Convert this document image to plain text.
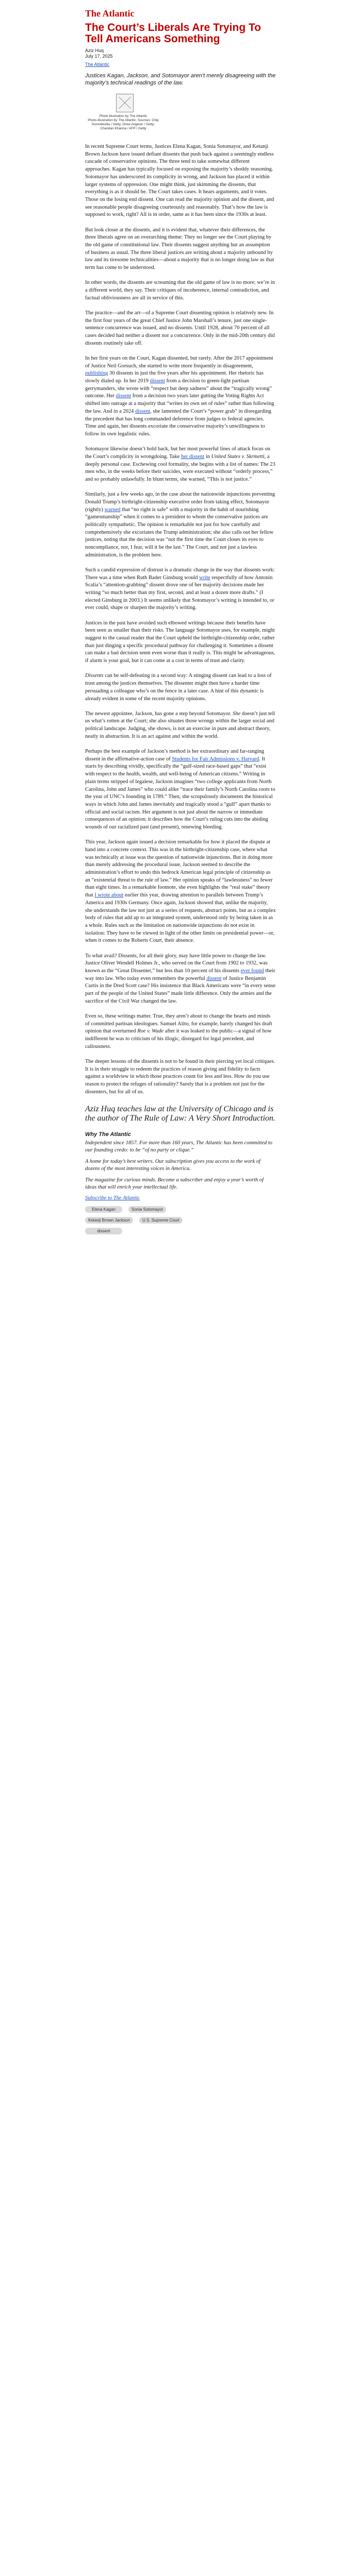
The Atlantic
The Court’s Liberals Are Trying To Tell Americans Something

Aziz Huq

July 17, 2025

The Atlantic

Justices Kagan, Jackson, and Sotomayor aren’t merely disagreeing with the majority’s technical readings of the law.

Photo illustration by The Atlantic
Photo-Illustration by The Atlantic. Sources: Chip Somodevilla / Getty; Drew Angerer / Getty; Chandan Khanna / AFP / Getty

In recent Supreme Court terms, Justices Elena Kagan, Sonia Sotomayor, and Ketanji Brown Jackson have issued defiant dissents that push back against a seemingly endless cascade of conservative opinions. The three tend to take somewhat different approaches. Kagan has typically focused on exposing the majority’s shoddy reasoning. Sotomayor has underscored its complicity in wrong, and Jackson has placed it within larger systems of oppression. One might think, just skimming the dissents, that everything is as it should be. The Court takes cases. It hears arguments, and it votes. Those on the losing end dissent. One can read the majority opinion and the dissent, and see reasonable people disagreeing courteously and reasonably. That’s how the law is supposed to work, right? All is in order, same as it has been since the 1930s at least.

But look closer at the dissents, and it is evident that, whatever their differences, the three liberals agree on an overarching theme: They no longer see the Court playing by the old game of constitutional law. Their dissents suggest anything but an assumption of business as usual. The three liberal justices are writing about a majority unbound by law and its tiresome technicalities—about a majority that is no longer doing law as that term has come to be understood.

In other words, the dissents are screaming that the old game of law is no more; we’re in a different world, they say. Their critiques of incoherence, internal contradiction, and factual obliviousness are all in service of this.

The practice—and the art—of a Supreme Court dissenting opinion is relatively new. In the first four years of the great Chief Justice John Marshall’s tenure, just one single-sentence concurrence was issued, and no dissents. Until 1928, about 70 percent of all cases decided had neither a dissent nor a concurrence. Only in the mid-20th century did dissents routinely take off.

In her first years on the Court, Kagan dissented, but rarely. After the 2017 appointment of Justice Neil Gorsuch, she started to write more frequently in disagreement, publishing 30 dissents in just the five years after his appointment. Her rhetoric has slowly dialed up. In her 2019 dissent from a decision to green-light partisan gerrymanders, she wrote with “respect but deep sadness” about the “tragically wrong” outcome. Her dissent from a decision two years later gutting the Voting Rights Act shifted into outrage at a majority that “writes its own set of rules” rather than following the law. And in a 2024 dissent, she lamented the Court’s “power grab” in disregarding the precedent that has long commanded deference from judges to federal agencies. Time and again, her dissents excoriate the conservative majority’s unwillingness to follow its own legalistic rules.

Sotomayor likewise doesn’t hold back, but her most powerful lines of attack focus on the Court’s complicity in wrongdoing. Take her dissent in United States v. Skrmetti, a deeply personal case. Eschewing cool formality, she begins with a list of names: The 23 men who, in the weeks before their suicides, were executed without “orderly process,” and so probably unlawfully. In blunt terms, she warned, “This is not justice.”

Similarly, just a few weeks ago, in the case about the nationwide injunctions preventing Donald Trump’s birthright-citizenship executive order from taking effect, Sotomayor (rightly) warned that “no right is safe” with a majority in the habit of nourishing “gamesmanship” when it comes to a president to whom the conservative justices are politically sympathetic. The opinion is remarkable not just for how carefully and comprehensively she excoriates the Trump administration; she also calls out her fellow justices, noting that the decision was “not the first time the Court closes its eyes to noncompliance, nor, I fear, will it be the last.” The Court, and not just a lawless administration, is the problem here.

Such a candid expression of distrust is a dramatic change in the way that dissents work: There was a time when Ruth Bader Ginsburg would write respectfully of how Antonin Scalia’s “attention-grabbing” dissent drove one of her majority decisions made her writing “so much better than my first, second, and at least a dozen more drafts.” (I elected Ginsburg in 2003.) It seems unlikely that Sotomayor’s writing is intended to, or ever could, shape or sharpen the majority’s writing.

Justices in the past have avoided such elbowed writings because their benefits have been seen as smaller than their risks. The language Sotomayor uses, for example, might suggest to the casual reader that the Court upheld the birthright-citizenship order, rather than just dinging a specific procedural pathway for challenging it. Sometimes a dissent can make a bad decision seem even worse than it really is. This might be advantageous, if alarm is your goal, but it can come at a cost in terms of trust and clarity.

Dissents can be self-defeating in a second way: A stinging dissent can lead to a loss of trust among the justices themselves. The dissenter might then have a harder time persuading a colleague who’s on the fence in a later case. A hint of this dynamic is already evident in some of the recent majority opinions.

The newest appointee, Jackson, has gone a step beyond Sotomayor. She doesn’t just tell us what’s rotten at the Court; she also situates those wrongs within the larger social and political landscape. Judging, she shows, is not an exercise in pure and abstract theory, neatly in abstraction. It is an act against and within the world.

Perhaps the best example of Jackson’s method is her extraordinary and far-ranging dissent in the affirmative-action case of Students for Fair Admissions v. Harvard. It starts by describing vividly, specifically the “gulf-sized race-based gaps” that “exist with respect to the health, wealth, and well-being of American citizens.” Writing in plain terms stripped of legalese, Jackson imagines “two college applicants from North Carolina, John and James” who could alike “trace their family’s North Carolina roots to the year of UNC’s founding in 1789.” Then, she scrupulously documents the historical ways in which John and James inevitably and tragically stood a “gulf” apart thanks to official and social racism. Her argument is not just about the narrow or immediate consequences of an opinion; it describes how the Court’s ruling cuts into the abiding wounds of our racialized past (and present), renewing bleeding.

This year, Jackson again issued a decision remarkable for how it placed the dispute at hand into a concrete context. This was in the birthright-citizenship case, where what was technically at issue was the question of nationwide injunctions. But in doing more than merely addressing the procedural issue, Jackson seemed to describe the administration’s effort to undo this bedrock American legal principle of citizenship as an “existential threat to the rule of law.” Her opinion speaks of “lawlessness” no fewer than eight times. In a remarkable footnote, she even highlights the “real stake” theory that I wrote about earlier this year, drawing attention to parallels between Trump’s America and 1930s Germany. Once again, Jackson showed that, unlike the majority, she understands the law not just as a series of requests, abstract points, but as a complex body of rules that add up to an integrated system, understood only by being taken in as a whole. Rules such as the limitation on nationwide injunctions do not exist in isolation: They have to be viewed in light of the other limits on presidential power—or, when it comes to the Roberts Court, their absence.

To what avail? Dissents, for all their glory, may have little power to change the law. Justice Oliver Wendell Holmes Jr., who served on the Court from 1902 to 1932, was known as the “Great Dissenter,” but less than 10 percent of his dissents ever found their way into law. Who today even remembers the powerful dissent of Justice Benjamin Curtis in the Dred Scott case? His insistence that Black Americans were “in every sense part of the people of the United States” made little difference. Only the armies and the sacrifice of the Civil War changed the law.

Even so, these writings matter. True, they aren’t about to change the hearts and minds of committed partisan ideologues. Samuel Alito, for example, barely changed his draft opinion that overturned Roe v. Wade after it was leaked to the public—a signal of how indifferent he was to criticism of his illogic, disregard for legal precedent, and callousness.

The deeper lessons of the dissents is not to be found in their piercing yet local critiques. It is in their struggle to redeem the practices of reason giving and fidelity to facts against a worldview in which those practices count for less and less. How do you use reason to protect the refuges of rationality? Surely that is a problem not just for the dissenters, but for all of us.

Aziz Huq teaches law at the University of Chicago and is the author of The Rule of Law: A Very Short Introduction.

Why The Atlantic

Independent since 1857. For more than 160 years, The Atlantic has been committed to our founding credo: to be “of no party or clique.”

A home for today’s best writers. Our subscription gives you access to the work of dozens of the most interesting voices in America.

The magazine for curious minds. Become a subscriber and enjoy a year’s worth of ideas that will enrich your intellectual life.

Subscribe to The Atlantic
Elena Kagan	Sonia Sotomayor
Ketanji Brown Jackson	U.S. Supreme Court
dissent
